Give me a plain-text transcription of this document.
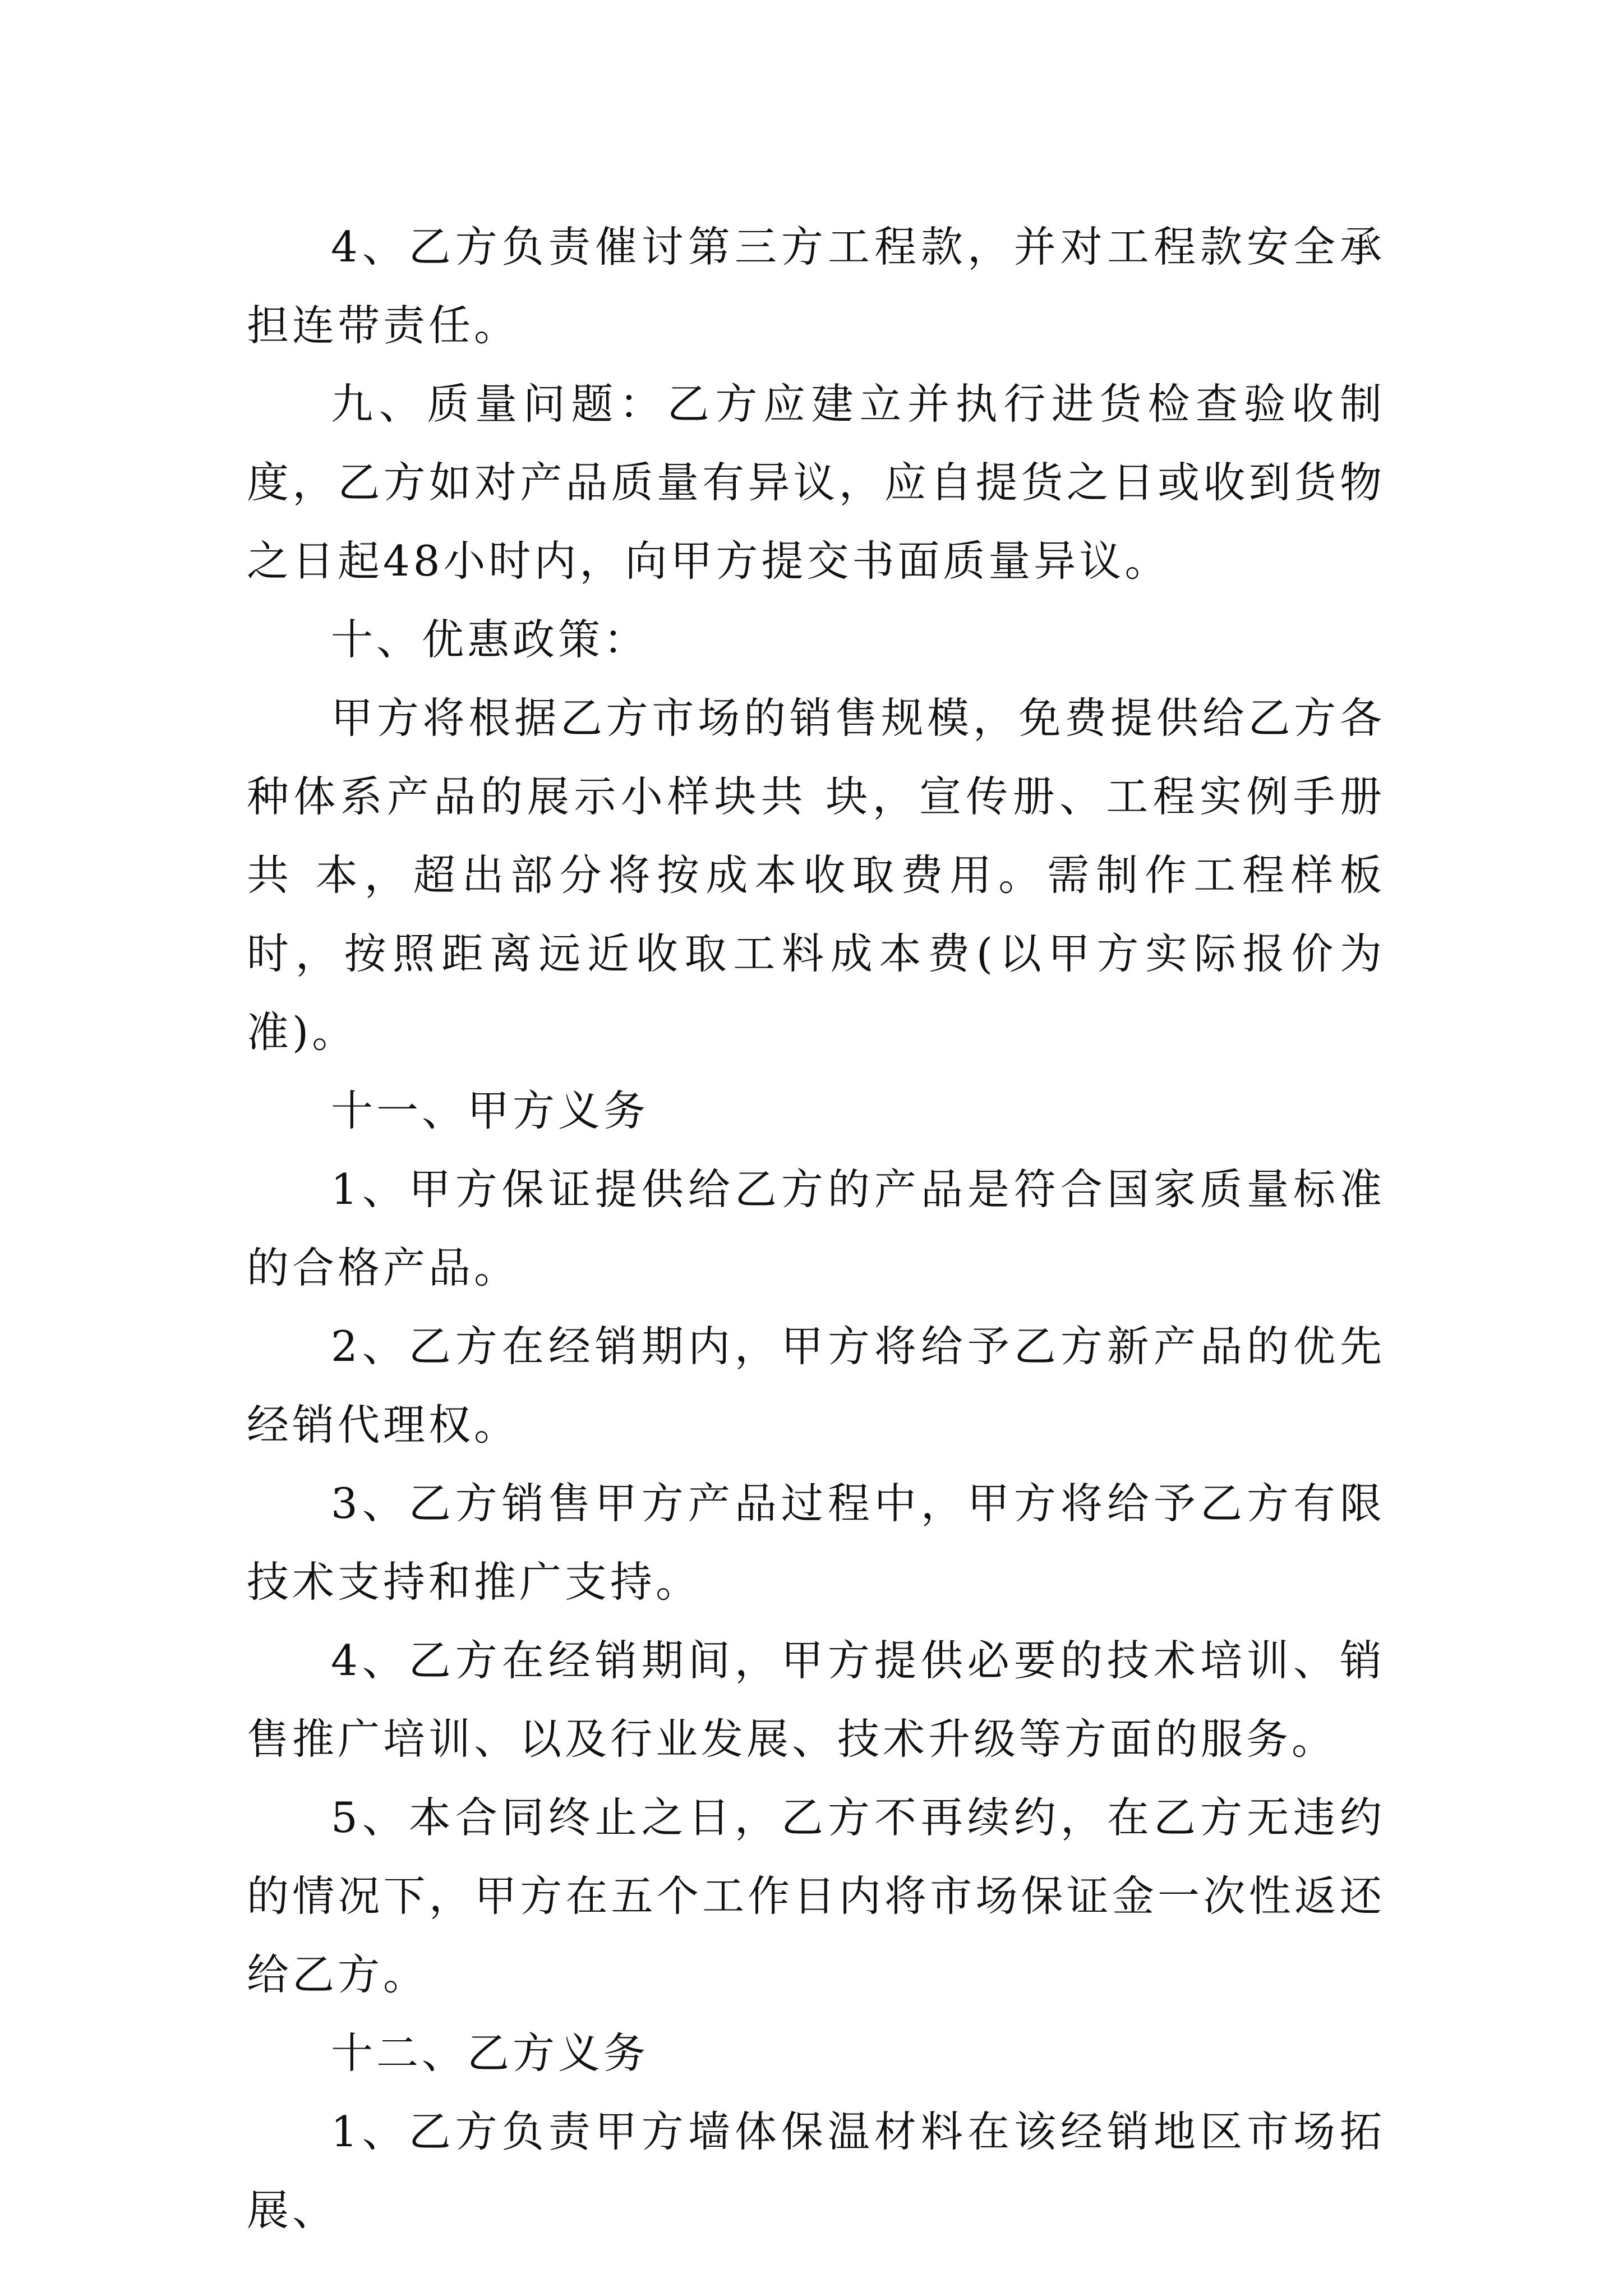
4、乙方负责催讨第三方工程款，并对工程款安全承担连带责任。

九、质量问题：乙方应建立并执行进货检查验收制度，乙方如对产品质量有异议，应自提货之日或收到货物之日起48小时内，向甲方提交书面质量异议。

十、优惠政策：

甲方将根据乙方市场的销售规模，免费提供给乙方各种体系产品的展示小样块共 块，宣传册、工程实例手册共 本，超出部分将按成本收取费用。需制作工程样板时，按照距离远近收取工料成本费(以甲方实际报价为准)。

十一、甲方义务

1、甲方保证提供给乙方的产品是符合国家质量标准的合格产品。

2、乙方在经销期内，甲方将给予乙方新产品的优先经销代理权。

3、乙方销售甲方产品过程中，甲方将给予乙方有限技术支持和推广支持。

4、乙方在经销期间，甲方提供必要的技术培训、销售推广培训、以及行业发展、技术升级等方面的服务。

5、本合同终止之日，乙方不再续约，在乙方无违约的情况下，甲方在五个工作日内将市场保证金一次性返还给乙方。

十二、乙方义务

1、乙方负责甲方墙体保温材料在该经销地区市场拓展、
